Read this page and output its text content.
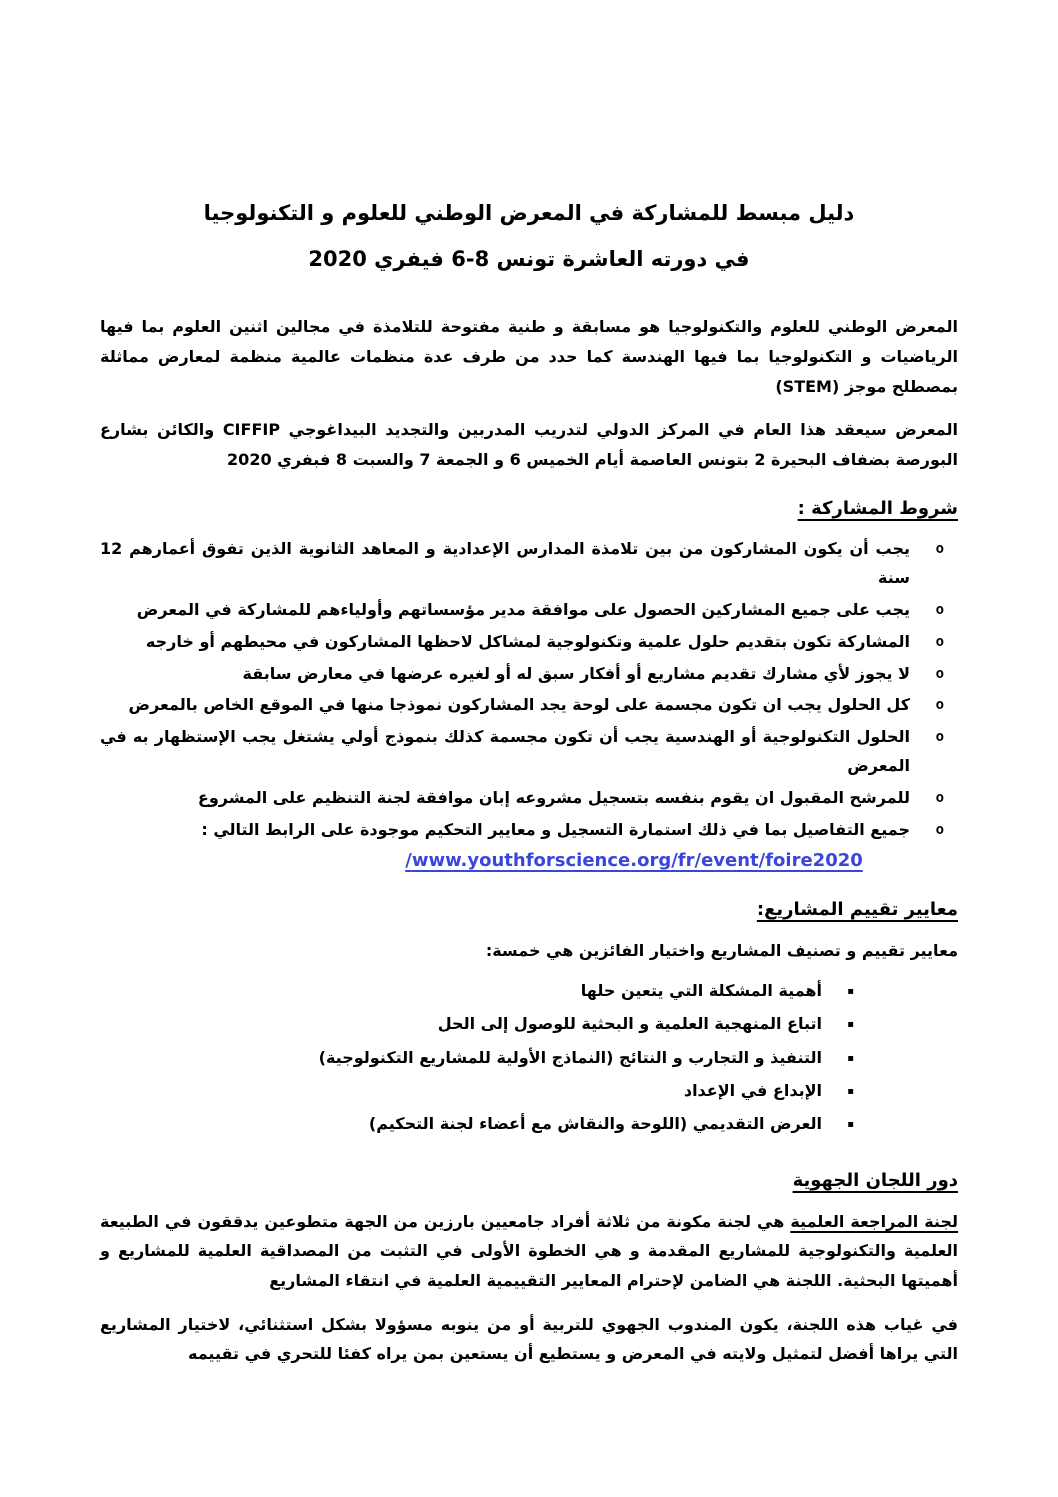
دليل مبسط للمشاركة في المعرض الوطني للعلوم و التكنولوجيا
في دورته العاشرة تونس 8-6 فيفري 2020

المعرض الوطني للعلوم والتكنولوجيا هو مسابقة و طنية مفتوحة للتلامذة في مجالين اثنين العلوم بما فيها الرياضيات و التكنولوجيا بما فيها الهندسة كما حدد من طرف عدة منظمات عالمية منظمة لمعارض مماثلة بمصطلح موجز (STEM)

المعرض سيعقد هذا العام في المركز الدولي لتدريب المدربين والتجديد البيداغوجي CIFFIP والكائن بشارع البورصة بضفاف البحيرة 2 بتونس العاصمة أيام الخميس 6 و الجمعة 7 والسبت 8 فبفري 2020

شروط المشاركة :
o
يجب أن يكون المشاركون من بين تلامذة المدارس الإعدادية و المعاهد الثانوية الذين تفوق أعمارهم 12 سنة
o
يجب على جميع المشاركين الحصول على موافقة مدير مؤسساتهم وأولياءهم للمشاركة في المعرض
o
المشاركة تكون بتقديم حلول علمية وتكنولوجية لمشاكل لاحظها المشاركون في محيطهم أو خارجه
o
لا يجوز لأي مشارك تقديم مشاريع أو أفكار سبق له أو لغيره عرضها في معارض سابقة
o
كل الحلول يجب ان تكون مجسمة على لوحة يجد المشاركون نموذجا منها في الموقع الخاص بالمعرض
o
الحلول التكنولوجية أو الهندسية يجب أن تكون مجسمة كذلك بنموذج أولي يشتغل يجب الإستظهار به في المعرض
o
للمرشح المقبول ان يقوم بنفسه بتسجيل مشروعه إبان موافقة لجنة التنظيم على المشروع
o
جميع التفاصيل بما في ذلك استمارة التسجيل و معايير التحكيم موجودة على الرابط التالي :
www.youthforscience.org/fr/event/foire2020/
معايير تقييم المشاريع:

معايير تقييم و تصنيف المشاريع واختيار الفائزين هي خمسة:

▪
أهمية المشكلة التي يتعين حلها
▪
اتباع المنهجية العلمية و البحثية للوصول إلى الحل
▪
التنفيذ و التجارب و النتائج (النماذج الأولية للمشاريع التكنولوجية)
▪
الإبداع في الإعداد
▪
العرض التقديمي (اللوحة والنقاش مع أعضاء لجنة التحكيم)
دور اللجان الجهوية

لجنة المراجعة العلمية هي لجنة مكونة من ثلاثة أفراد جامعيين بارزين من الجهة متطوعين يدققون في الطبيعة العلمية والتكنولوجية للمشاريع المقدمة و هي الخطوة الأولى في التثبت من المصداقية العلمية للمشاريع و أهميتها البحثية. اللجنة هي الضامن لإحترام المعايير التقييمية العلمية في انتقاء المشاريع

في غياب هذه اللجنة، يكون المندوب الجهوي للتربية أو من ينوبه مسؤولا بشكل استثنائي، لاختيار المشاريع التي يراها أفضل لتمثيل ولايته في المعرض و يستطيع أن يستعين بمن يراه كفئا للتحري في تقييمه
